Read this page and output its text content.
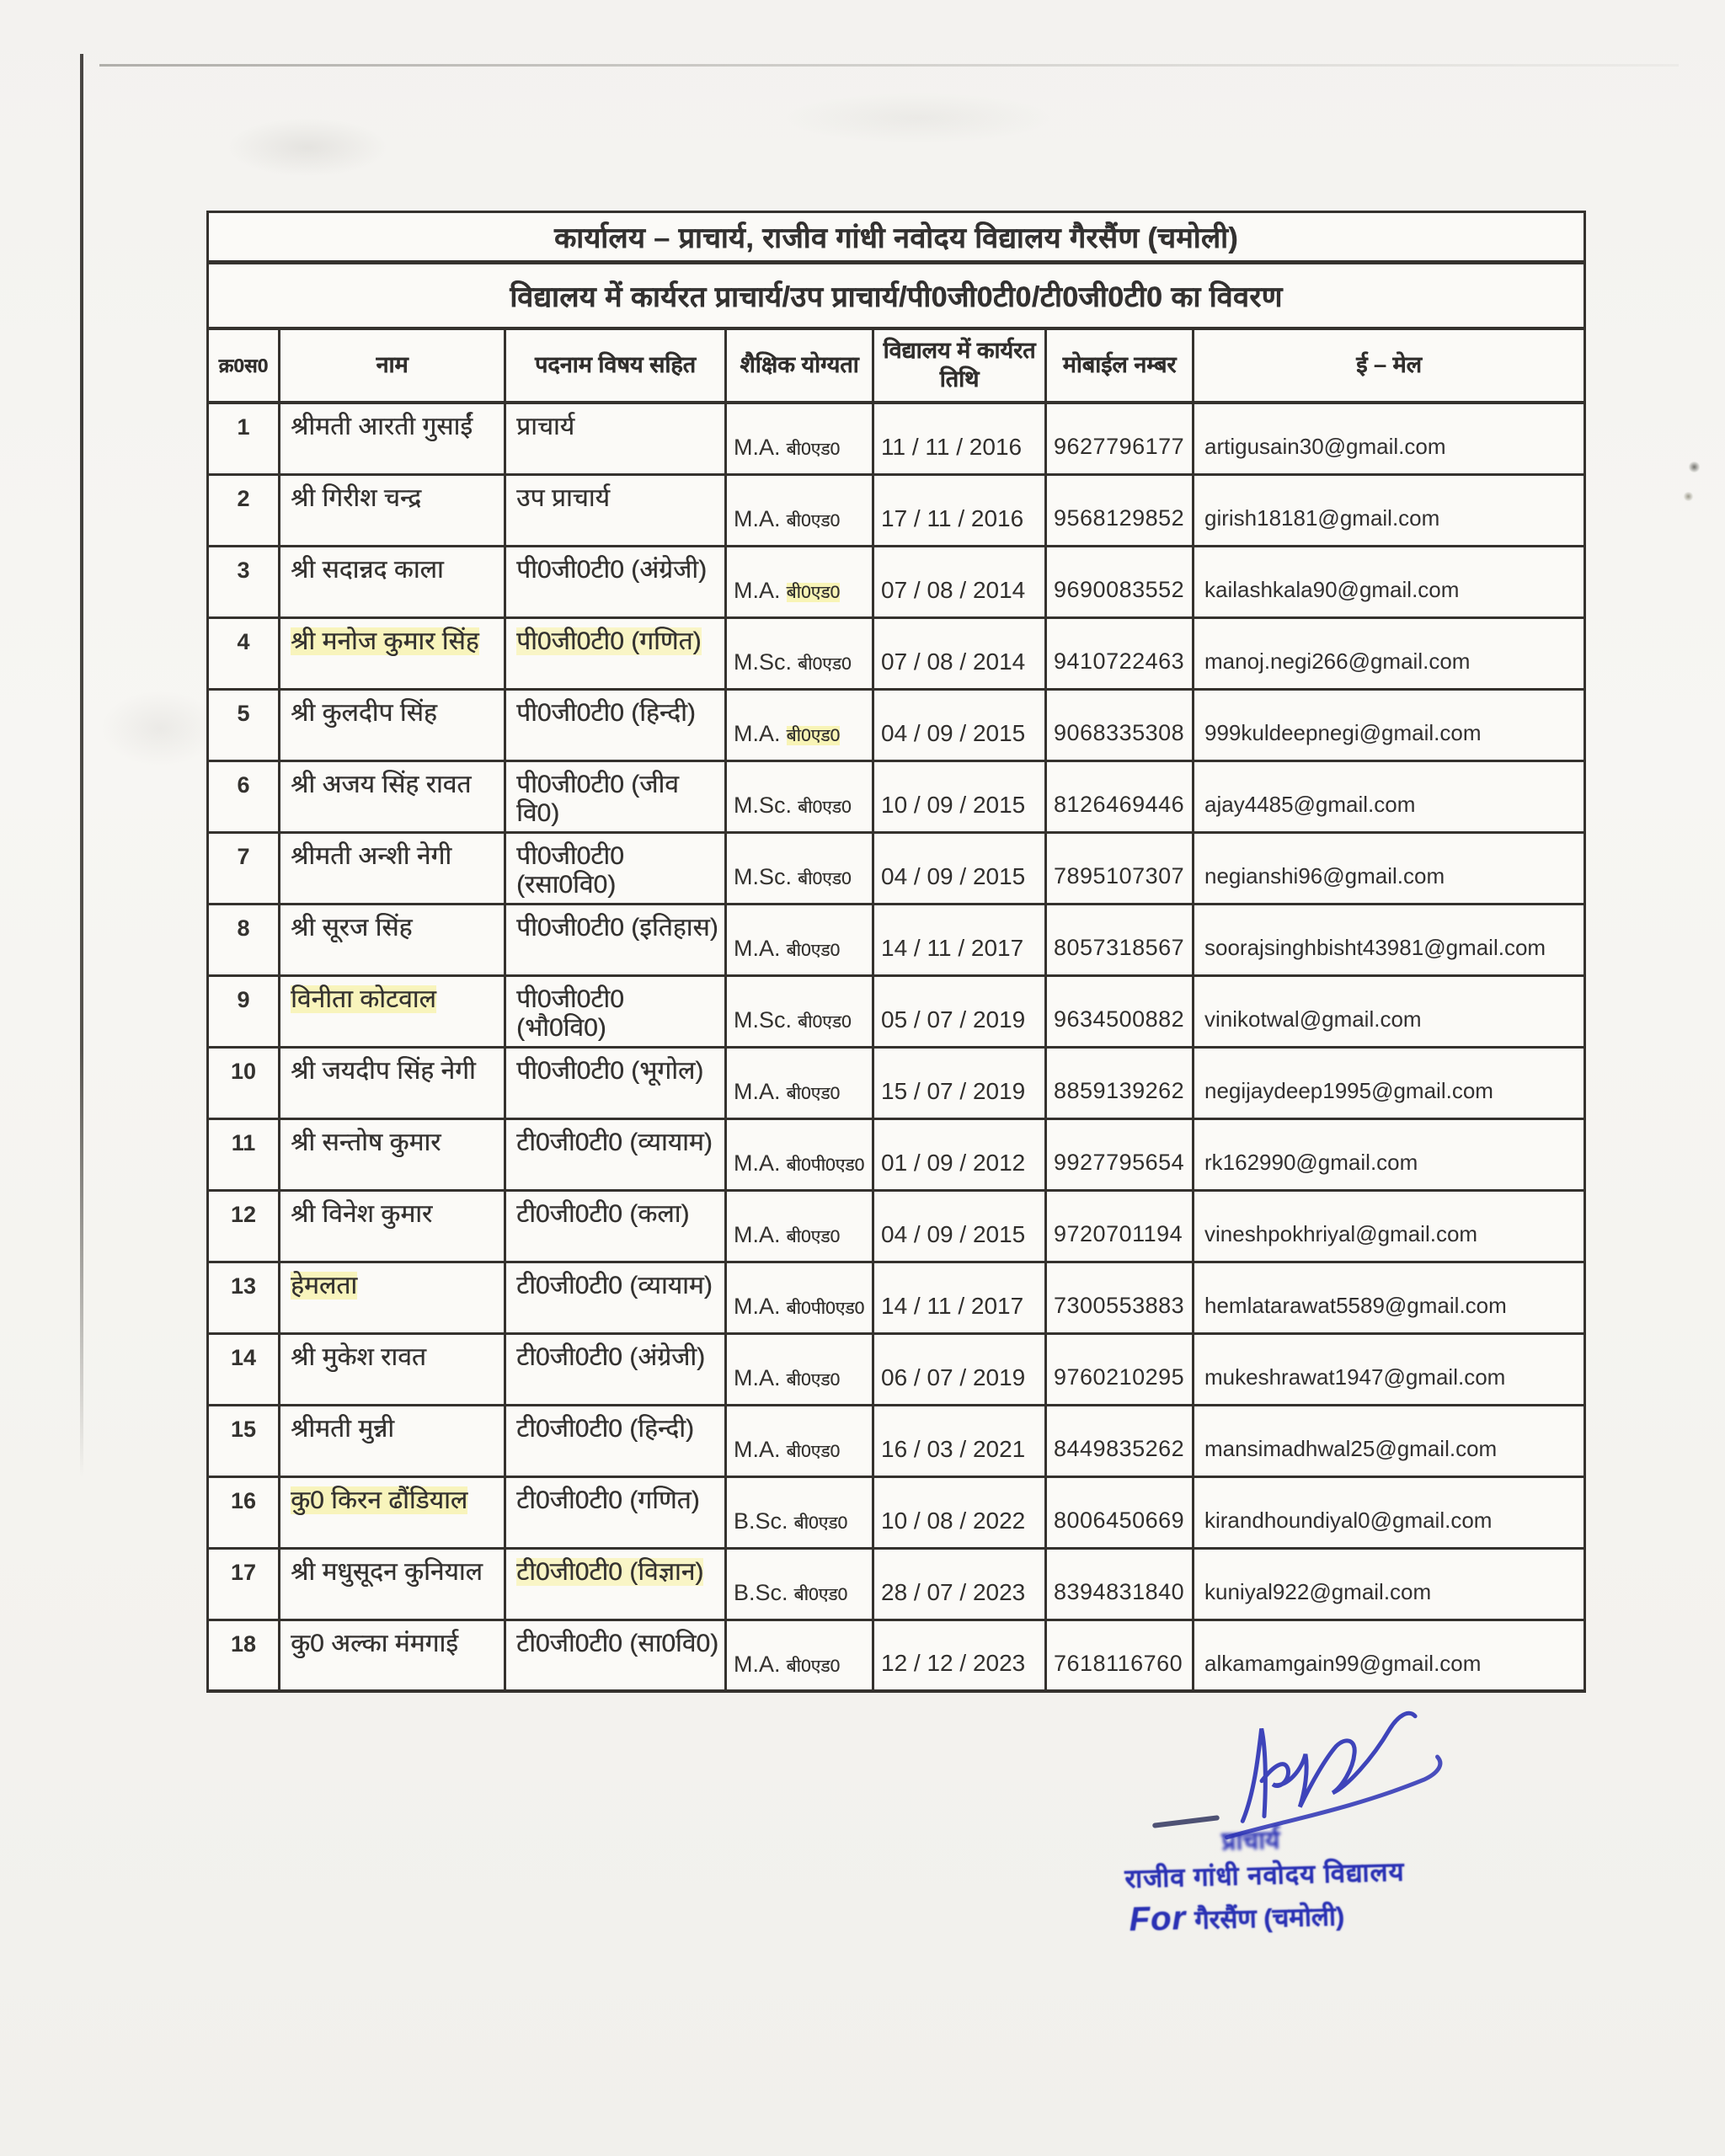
कार्यालय – प्राचार्य, राजीव गांधी नवोदय विद्यालय गैरसैंण (चमोली)						
विद्यालय में कार्यरत प्राचार्य/उप प्राचार्य/पी0जी0टी0/टी0जी0टी0 का विवरण						
क्र0स0	नाम	पदनाम विषय सहित	शैक्षिक योग्यता	विद्यालय में कार्यरत तिथि	मोबाईल नम्बर	ई – मेल
1	श्रीमती आरती गुसाईं	प्राचार्य	M.A. बी0एड0	11 / 11 / 2016	9627796177	artigusain30@gmail.com
2	श्री गिरीश चन्द्र	उप प्राचार्य	M.A. बी0एड0	17 / 11 / 2016	9568129852	girish18181@gmail.com
3	श्री सदान्नद काला	पी0जी0टी0 (अंग्रेजी)	M.A. बी0एड0	07 / 08 / 2014	9690083552	kailashkala90@gmail.com
4	श्री मनोज कुमार सिंह	पी0जी0टी0 (गणित)	M.Sc. बी0एड0	07 / 08 / 2014	9410722463	manoj.negi266@gmail.com
5	श्री कुलदीप सिंह	पी0जी0टी0 (हिन्दी)	M.A. बी0एड0	04 / 09 / 2015	9068335308	999kuldeepnegi@gmail.com
6	श्री अजय सिंह रावत	पी0जी0टी0 (जीव वि0)	M.Sc. बी0एड0	10 / 09 / 2015	8126469446	ajay4485@gmail.com
7	श्रीमती अन्शी नेगी	पी0जी0टी0 (रसा0वि0)	M.Sc. बी0एड0	04 / 09 / 2015	7895107307	negianshi96@gmail.com
8	श्री सूरज सिंह	पी0जी0टी0 (इतिहास)	M.A. बी0एड0	14 / 11 / 2017	8057318567	soorajsinghbisht43981@gmail.com
9	विनीता कोटवाल	पी0जी0टी0 (भौ0वि0)	M.Sc. बी0एड0	05 / 07 / 2019	9634500882	vinikotwal@gmail.com
10	श्री जयदीप सिंह नेगी	पी0जी0टी0 (भूगोल)	M.A. बी0एड0	15 / 07 / 2019	8859139262	negijaydeep1995@gmail.com
11	श्री सन्तोष कुमार	टी0जी0टी0 (व्यायाम)	M.A. बी0पी0एड0	01 / 09 / 2012	9927795654	rk162990@gmail.com
12	श्री विनेश कुमार	टी0जी0टी0 (कला)	M.A. बी0एड0	04 / 09 / 2015	9720701194	vineshpokhriyal@gmail.com
13	हेमलता	टी0जी0टी0 (व्यायाम)	M.A. बी0पी0एड0	14 / 11 / 2017	7300553883	hemlatarawat5589@gmail.com
14	श्री मुकेश रावत	टी0जी0टी0 (अंग्रेजी)	M.A. बी0एड0	06 / 07 / 2019	9760210295	mukeshrawat1947@gmail.com
15	श्रीमती मुन्नी	टी0जी0टी0 (हिन्दी)	M.A. बी0एड0	16 / 03 / 2021	8449835262	mansimadhwal25@gmail.com
16	कु0 किरन ढौंडियाल	टी0जी0टी0 (गणित)	B.Sc. बी0एड0	10 / 08 / 2022	8006450669	kirandhoundiyal0@gmail.com
17	श्री मधुसूदन कुनियाल	टी0जी0टी0 (विज्ञान)	B.Sc. बी0एड0	28 / 07 / 2023	8394831840	kuniyal922@gmail.com
18	कु0 अल्का मंमगाई	टी0जी0टी0 (सा0वि0)	M.A. बी0एड0	12 / 12 / 2023	7618116760	alkamamgain99@gmail.com
प्राचार्य
राजीव गांधी नवोदय विद्यालय
For गैरसैंण (चमोली)
